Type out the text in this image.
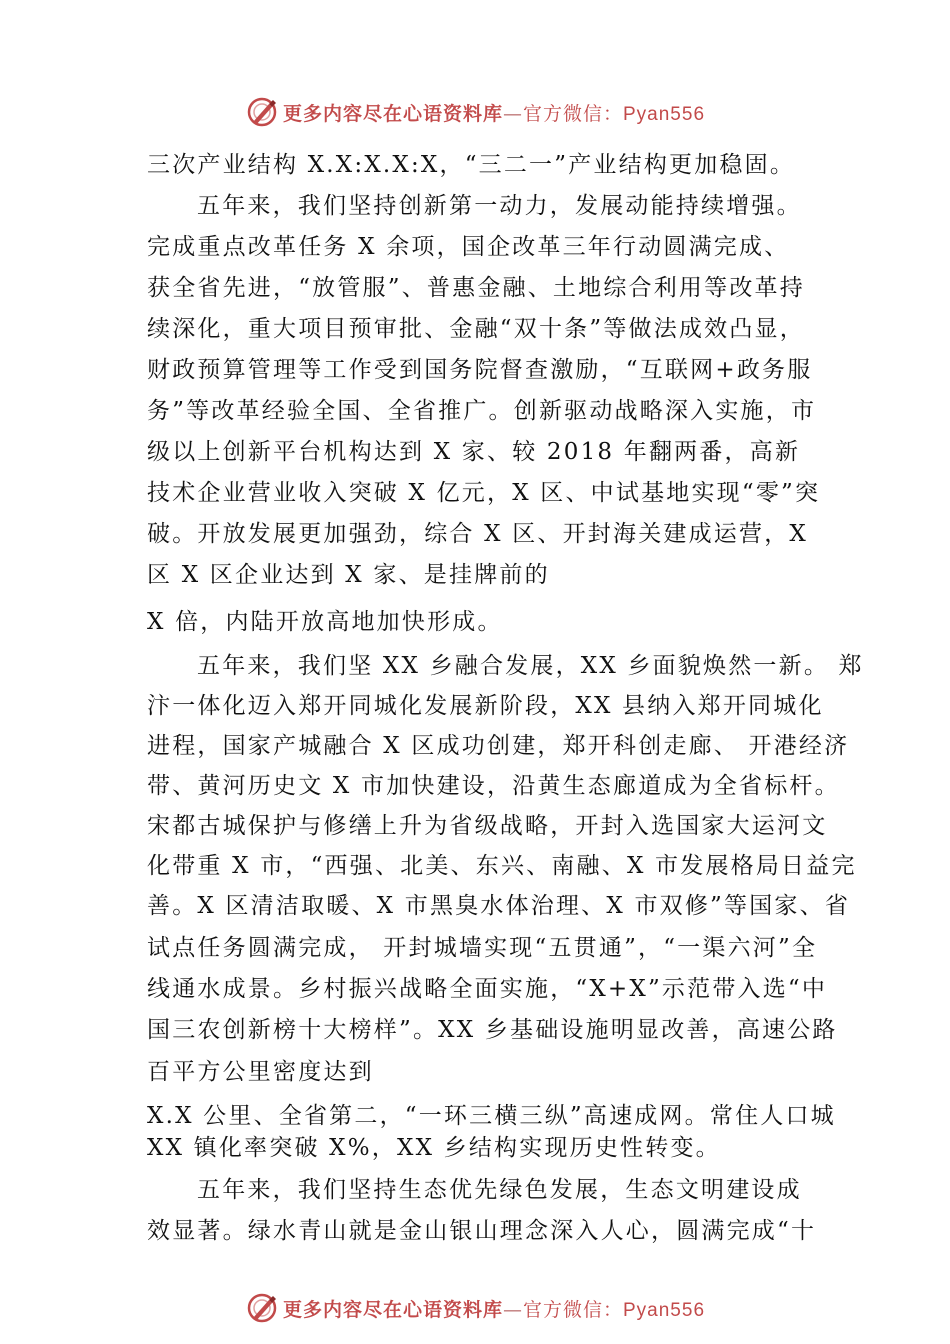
更多内容尽在心语资料库—官方微信：Pyan556
三次产业结构 X.X:X.X:X，“三二一”产业结构更加稳固。
五年来，我们坚持创新第一动力，发展动能持续增强。
完成重点改革任务 X 余项，国企改革三年行动圆满完成、
获全省先进，“放管服”、普惠金融、土地综合利用等改革持
续深化，重大项目预审批、金融“双十条”等做法成效凸显，
财政预算管理等工作受到国务院督查激励，“互联网+政务服
务”等改革经验全国、全省推广。创新驱动战略深入实施，市
级以上创新平台机构达到 X 家、较 2018 年翻两番，高新
技术企业营业收入突破 X 亿元，X 区、中试基地实现“零”突
破。开放发展更加强劲，综合 X 区、开封海关建成运营，X
区 X 区企业达到 X 家、是挂牌前的
X 倍，内陆开放高地加快形成。
五年来，我们坚 XX 乡融合发展，XX 乡面貌焕然一新。 郑
汴一体化迈入郑开同城化发展新阶段，XX 县纳入郑开同城化
进程，国家产城融合 X 区成功创建，郑开科创走廊、 开港经济
带、黄河历史文 X 市加快建设，沿黄生态廊道成为全省标杆。
宋都古城保护与修缮上升为省级战略，开封入选国家大运河文
化带重 X 市，“西强、北美、东兴、南融、X 市发展格局日益完
善。X 区清洁取暖、X 市黑臭水体治理、X 市双修”等国家、省
试点任务圆满完成， 开封城墙实现“五贯通”，“一渠六河”全
线通水成景。乡村振兴战略全面实施，“X+X”示范带入选“中
国三农创新榜十大榜样”。XX 乡基础设施明显改善，高速公路
百平方公里密度达到
X.X 公里、全省第二，“一环三横三纵”高速成网。常住人口城
XX 镇化率突破 X%，XX 乡结构实现历史性转变。
五年来，我们坚持生态优先绿色发展，生态文明建设成
效显著。绿水青山就是金山银山理念深入人心，圆满完成“十
更多内容尽在心语资料库—官方微信：Pyan556
